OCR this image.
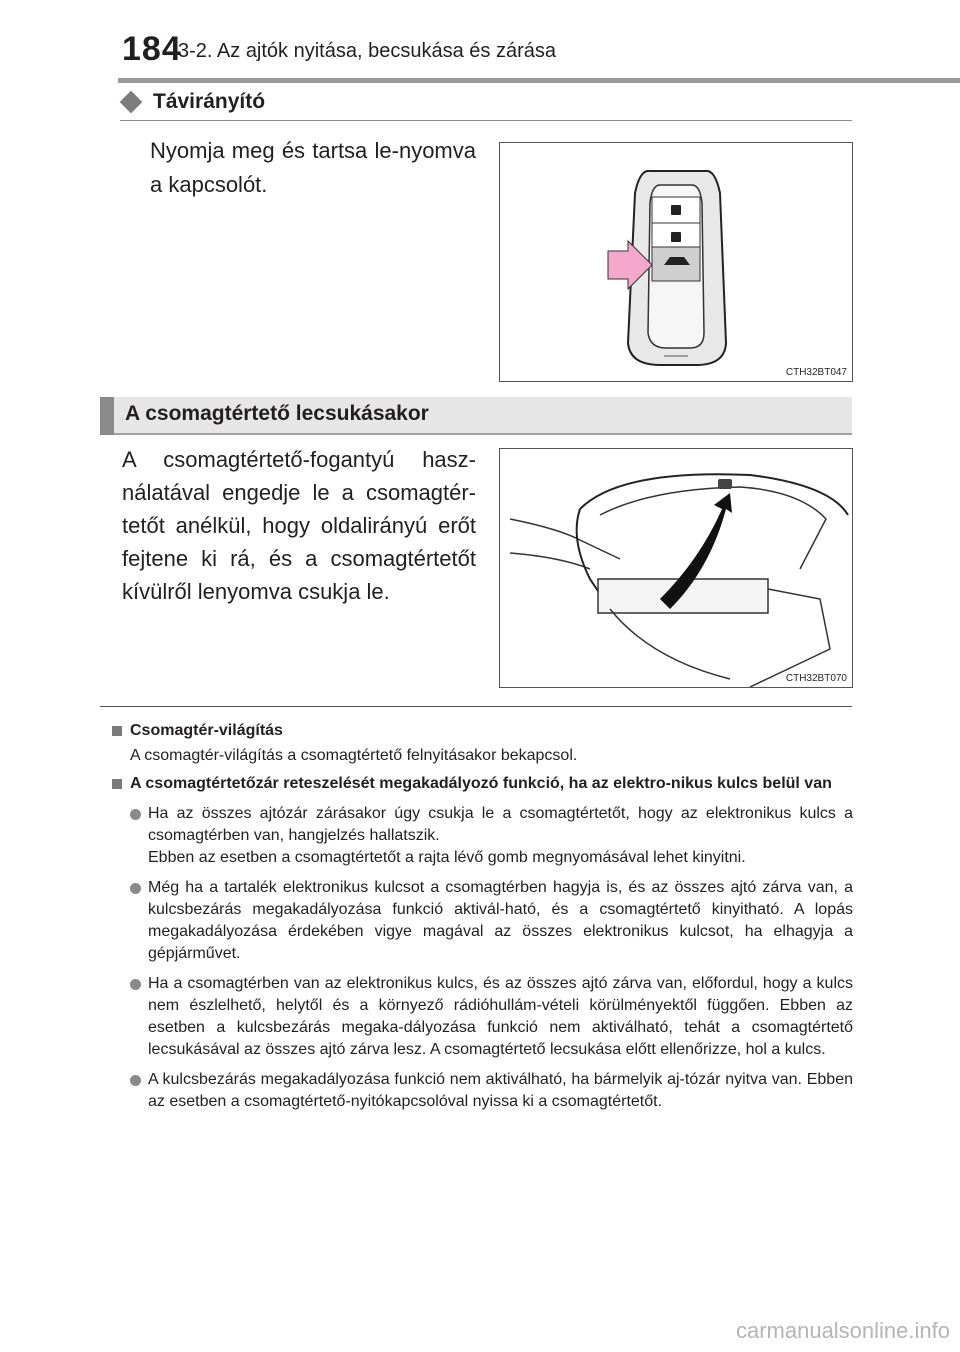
184
3-2. Az ajtók nyitása, becsukása és zárása
Távirányító
Nyomja meg és tartsa le-nyomva a kapcsolót.
CTH32BT047
A csomagtértető lecsukásakor
A csomagtértető-fogantyú hasz-nálatával engedje le a csomagtér-tetőt anélkül, hogy oldalirányú erőt fejtene ki rá, és a csomagtértetőt kívülről lenyomva csukja le.
CTH32BT070
Csomagtér-világítás
A csomagtér-világítás a csomagtértető felnyitásakor bekapcsol.
A csomagtértetőzár reteszelését megakadályozó funkció, ha az elektro-nikus kulcs belül van

Ha az összes ajtózár zárásakor úgy csukja le a csomagtértetőt, hogy az elektronikus kulcs a csomagtérben van, hangjelzés hallatszik.

Ebben az esetben a csomagtértetőt a rajta lévő gomb megnyomásával lehet kinyitni.

Még ha a tartalék elektronikus kulcsot a csomagtérben hagyja is, és az összes ajtó zárva van, a kulcsbezárás megakadályozása funkció aktivál-ható, és a csomagtértető kinyitható. A lopás megakadályozása érdekében vigye magával az összes elektronikus kulcsot, ha elhagyja a gépjárművet.

Ha a csomagtérben van az elektronikus kulcs, és az összes ajtó zárva van, előfordul, hogy a kulcs nem észlelhető, helytől és a környező rádióhullám-vételi körülményektől függően. Ebben az esetben a kulcsbezárás megaka-dályozása funkció nem aktiválható, tehát a csomagtértető lecsukásával az összes ajtó zárva lesz. A csomagtértető lecsukása előtt ellenőrizze, hol a kulcs.

A kulcsbezárás megakadályozása funkció nem aktiválható, ha bármelyik aj-tózár nyitva van. Ebben az esetben a csomagtértető-nyitókapcsolóval nyissa ki a csomagtértetőt.

carmanualsonline.info
